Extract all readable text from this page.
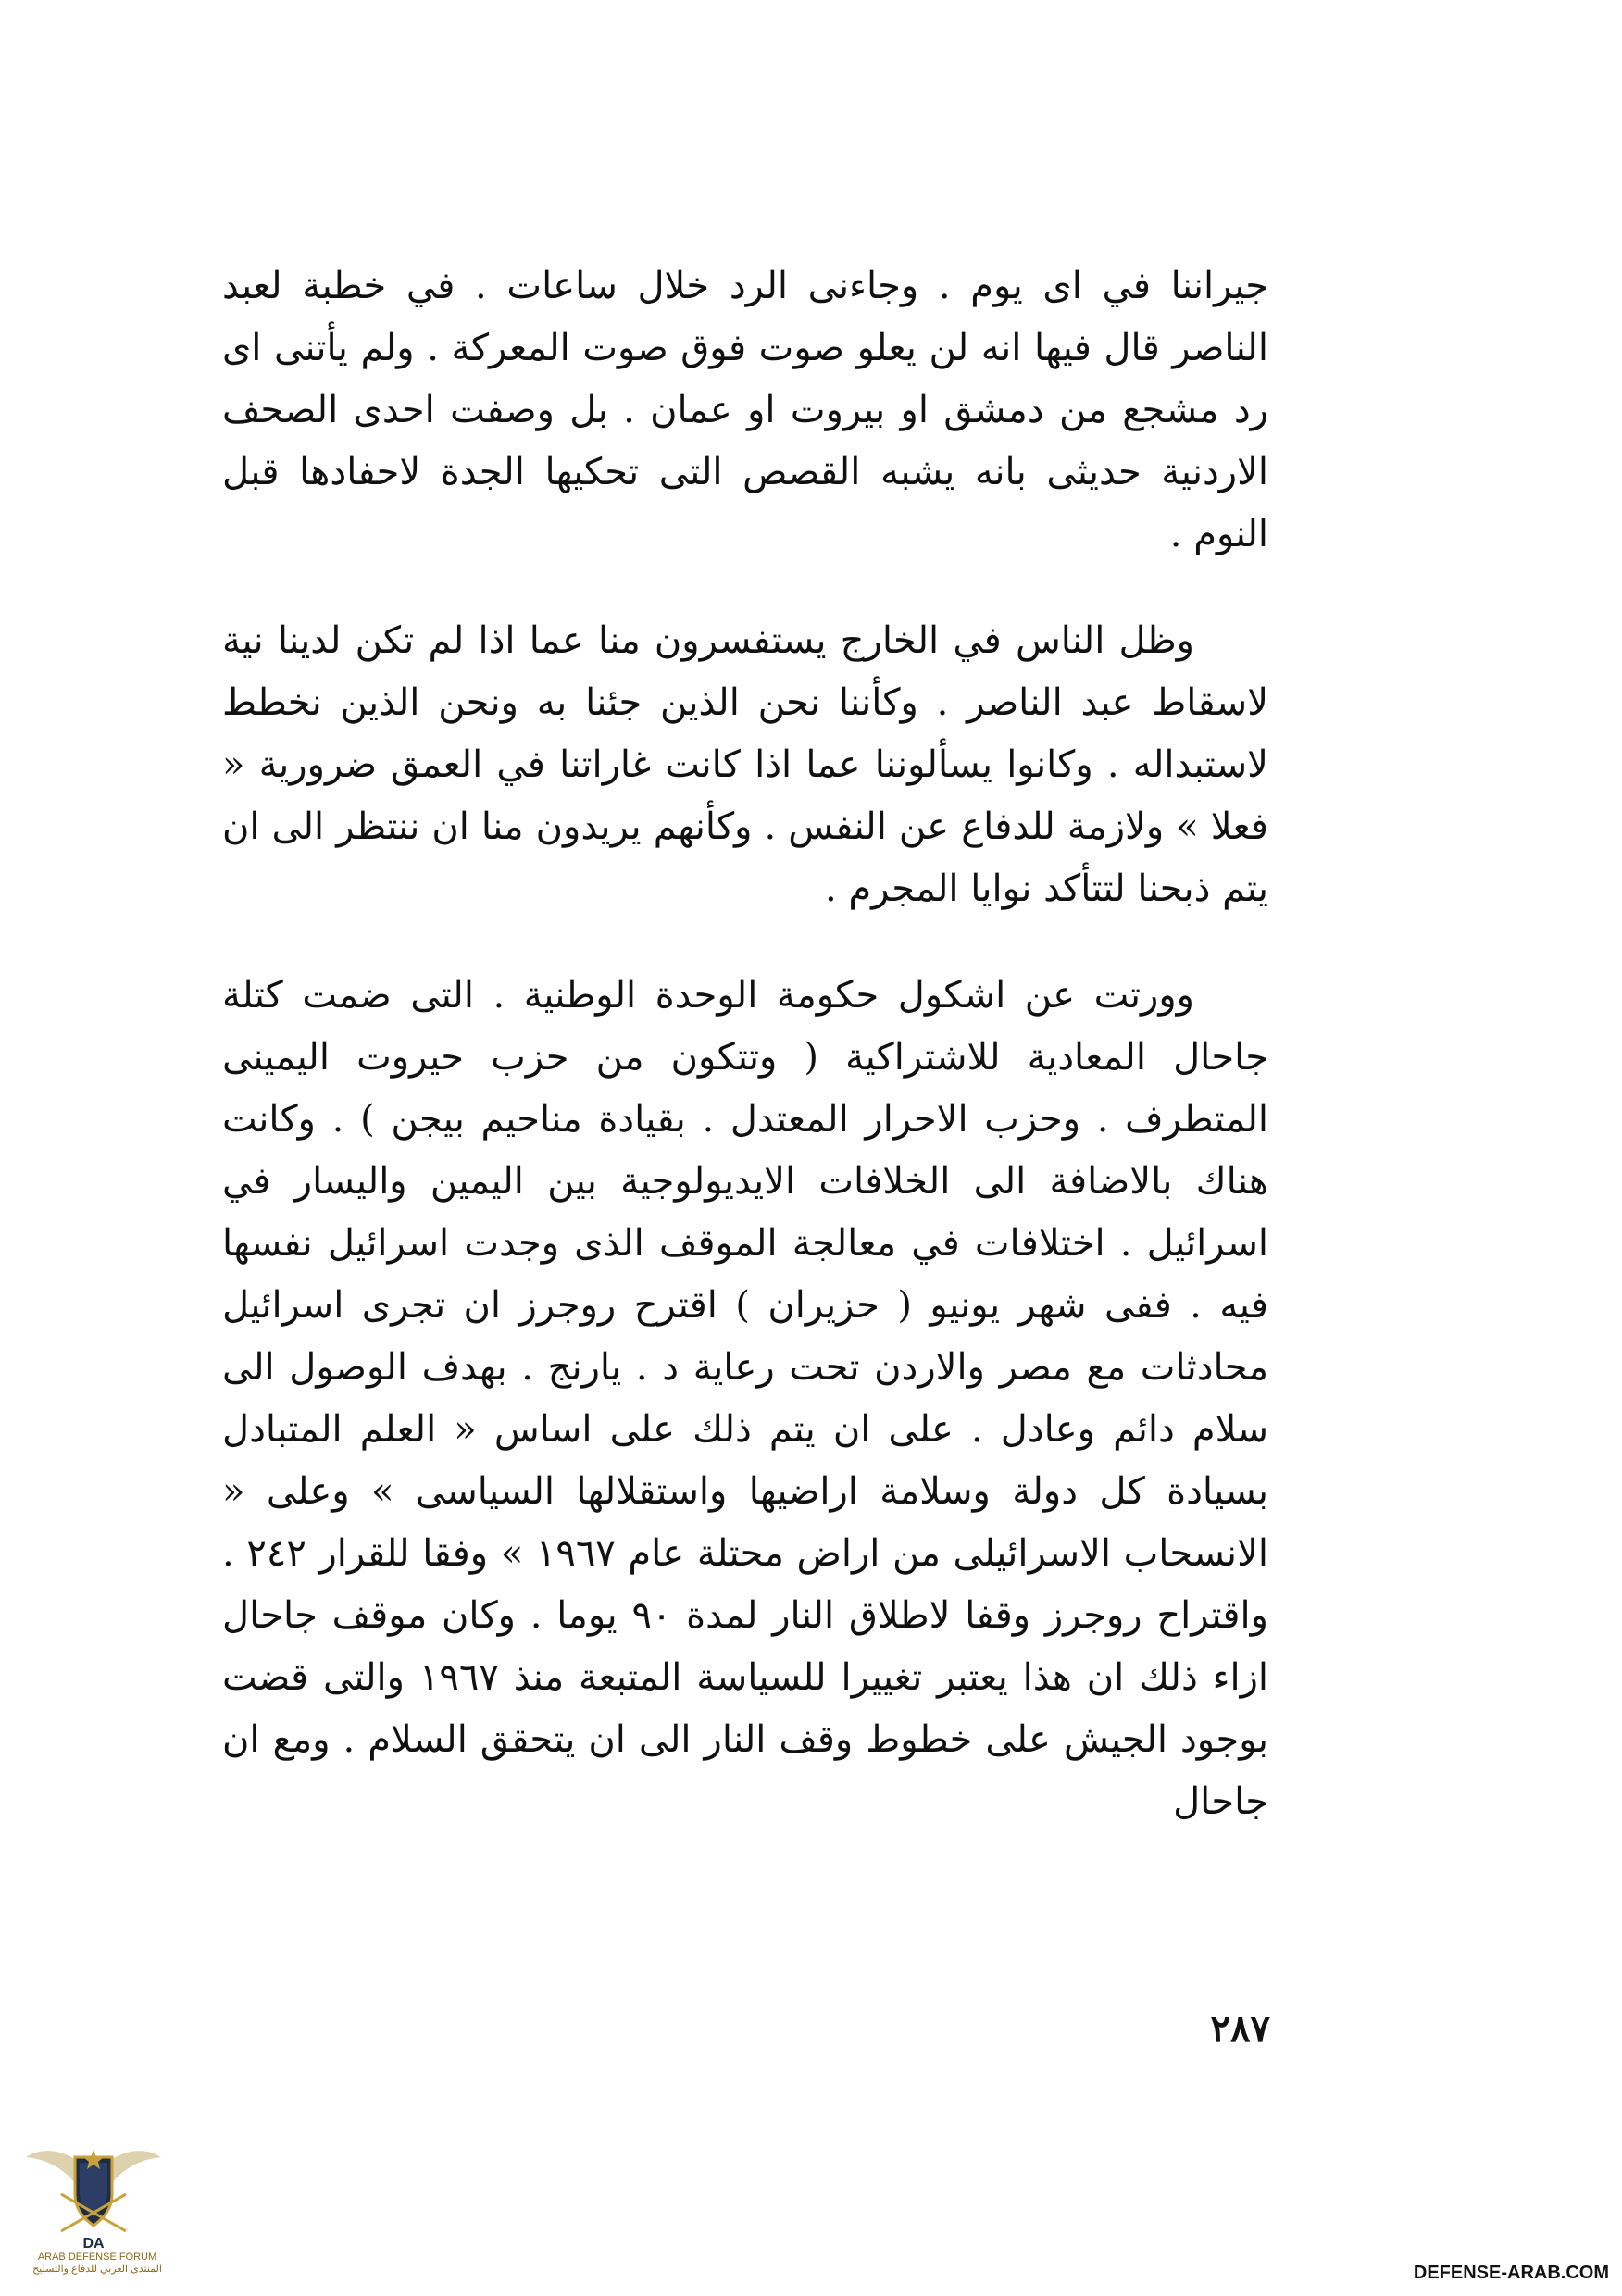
جيراننا في اى يوم . وجاءنى الرد خلال ساعات . في خطبة لعبد الناصر قال فيها انه لن يعلو صوت فوق صوت المعركة . ولم يأتنى اى رد مشجع من دمشق او بيروت او عمان . بل وصفت احدى الصحف الاردنية حديثى بانه يشبه القصص التى تحكيها الجدة لاحفادها قبل النوم .

وظل الناس في الخارج يستفسرون منا عما اذا لم تكن لدينا نية لاسقاط عبد الناصر . وكأننا نحن الذين جئنا به ونحن الذين نخطط لاستبداله . وكانوا يسألوننا عما اذا كانت غاراتنا في العمق ضرورية « فعلا » ولازمة للدفاع عن النفس . وكأنهم يريدون منا ان ننتظر الى ان يتم ذبحنا لتتأكد نوايا المجرم .

وورتت عن اشكول حكومة الوحدة الوطنية . التى ضمت كتلة جاحال المعادية للاشتراكية ( وتتكون من حزب حيروت اليمينى المتطرف . وحزب الاحرار المعتدل . بقيادة مناحيم بيجن ) . وكانت هناك بالاضافة الى الخلافات الايديولوجية بين اليمين واليسار في اسرائيل . اختلافات في معالجة الموقف الذى وجدت اسرائيل نفسها فيه . ففى شهر يونيو ( حزيران ) اقترح روجرز ان تجرى اسرائيل محادثات مع مصر والاردن تحت رعاية د . يارنج . بهدف الوصول الى سلام دائم وعادل . على ان يتم ذلك على اساس « العلم المتبادل بسيادة كل دولة وسلامة اراضيها واستقلالها السياسى » وعلى « الانسحاب الاسرائيلى من اراض محتلة عام ١٩٦٧ » وفقا للقرار ٢٤٢ . واقتراح روجرز وقفا لاطلاق النار لمدة ٩٠ يوما . وكان موقف جاحال ازاء ذلك ان هذا يعتبر تغييرا للسياسة المتبعة منذ ١٩٦٧ والتى قضت بوجود الجيش على خطوط وقف النار الى ان يتحقق السلام . ومع ان جاحال

٢٨٧
DA
ARAB DEFENSE FORUM
المنتدى العربي للدفاع والتسليح	DEFENSE-ARAB.COM
